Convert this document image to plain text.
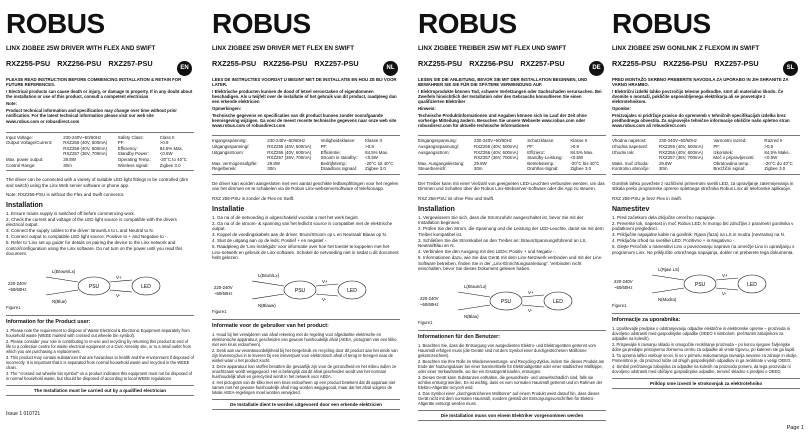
ROBUS
LINX ZIGBEE 25W DRIVER WITH FLEX AND SWIFT
RXZ255-PSU RXZ256-PSU RXZ257-PSU	EN

PLEASE READ INSTRUCTION BEFORE COMMENCING INSTALLATION & RETAIN FOR FUTURE REFERENCES.

! Electrical products can cause death or injury, or damage to property. If in any doubt about the installation or use of this product, consult a competent electrician

Note:

Product technical information and specification may change over time without prior notification. For the latest technical information please visit our web site

www.robus.com or robusdirect.com

Input Voltage:	230-240V~50/60Hz	Safety Class:	Class II
Output Voltage/Current:	RXZ255 (40V, 500mA)	PF:	>0.9
	RXZ256 (40V, 600mA)	Efficiency:	84.5% Max.
	RXZ257 (36V, 700mA)	Standby Power:	<0.5W
Max. power output:	29.8W	Operating Temp.:	-20°C to 40°C
Control Range:	30m	Wireless signal:	Zigbee 3.0

The driver can be connected with a variety of suitable LED light fittings to be controlled (dim and switch) using the Linx Web server software or phone app.

Note: RXZ256-PSU is without the Flex and Swift connector.

Installation
1. Ensure mains supply is switched off before commencing work.
2. Check the current and voltage of the LED light source is compatible with the drivers electrical output.
3. Connect the supply cables to the driver: Brown/Ls to L and Neutral to N.
4. Connect output to compatible LED light source: Positive to + and Negative to -.
5. Refer to 'Linx set up guide' for details on pairing the device to the Linx network and control/configuration using the Linx software. Do not turn on the power until you read this document.
PSU	LED
V+
V-
L(Brown/Lx)
N(Blue)
220-240V
~50/60Hz
Figure1
Information for the Product user:
1. Please note the requirement to dispose of Waste Electrical & Electronic Equipment separately from household waste (WEEE marked with crossed out wheelie bin symbol).
2. Please consider your role in contributing to re-use and recycling by returning this product at end of life to a collection centre for waste electrical equipment or a Civic Amenity site, or to a retail outlet from which you are purchasing a replacement.
3. This product may contain substances that are hazardous to health and the environment if disposed of incorrectly. It is important that it is separated from normal household waste and recycled in the WEEE chain.
4. The "crossed out wheelie bin symbol" on a product indicates this equipment must not be disposed of in normal household waste, but should be disposed of according to local WEEE regulations
The Installation must be carried out by a qualified electrician
ROBUS
LINX ZIGBEE 25W DRIVER MET FLEX EN SWIFT
RXZ255-PSU RXZ256-PSU RXZ257-PSU	NL

LEES DE INSTRUCTIES VOORDAT U BEGINT MET DE INSTALLATIE EN HOU ZE BIJ VOOR LATER.

! Elektrische producten kunnen de dood of letsel veroorzaken of eigendommen beschadigen. Als u twijfelt over de installatie of het gebruik van dit product, raadpleeg dan een erkende elektricien

Opmerkingen:

Technische gegevens en specificaties van dit product kunnen zonder voorafgaande kennisgeving wijzigen. Ga voor de meest recente technische gegevens naar onze web site www.robus.com of robusdirect.com

Ingangsspanning:	230-240V~50/60Hz	Veiligheidsklasse:	Klasse II
Uitgangsspanning/:	RXZ255 (40V, 500mA)	PF:	>0.9
Uitgangsstroom:	RXZ256 (40V, 600mA)	Efficiëntie:	84.5% Max.
	RXZ257 (36V, 700mA)	Stroom in standby:	<0.5W
Max. vermogensafgifte:	29.8W	Bedrijfstemp.:	-20°C tot 40°C
Regelbereik:	30m	Draadloos signaal:	Zigbee 3.0

De driver kan worden aangesloten met een aantal geschikte ledlampfittingen voor het regelen van het dimmen en te schakelen via de Robus Linx-webserversoftware of telefoonapp.

RXZ 256-PSU is zonder de Flex en Swift.

Installatie
1. Ga na of de netvoeding is uitgeschakeld voordat u met het werk begint.
2. Ga na of de stroom- & spanning van het ledlicht source is compatibel met de elektrische output.
3. Koppel de voedingskabels aan de driver: Bruin/Stroom op L en Neutraal/ Blauw op N.
4. Sluit de uitgang aan op de leds: Positief + en negatief -.
5. Raadpleeg de 'Linx-instelgids' voor informatie over hoe het toestel te koppelen met het Linx-netwerk en gebruik de Linx-software. Schakel de netvoeding niet in totdat u dit document hebt gelezen.
PSU	LED
V+
V-
L(Bruin/Lx)
N(Blauw)
220-240V
~50/60Hz
Figure1
Informatie voor de gebruiker van het product:
1. Houd bij het verwijderen van afval rekening met de regeling voor afgedankte elektrische en elektronische apparatuur, gescheiden van gewoon huishoudelijk afval (AEEA, pictogram van een kliko met een kruis erdoorheen).
2. Denk aan uw verantwoordelijkheid bij het hergebruik en recycling door dit product aan het einde van zijn levenscyclus in te leveren bij een inleverpunt voor elektronisch afval of terug te brengen naar de winkel waar u het product kocht.
3. Deze apparatuur kan stoffen bevatten die gevaarlijk zijn voor de gezondheid en het milieu indien ze onachtzaam wordt weggegooid. Het is belangrijk dat dit afval gescheiden wordt van het normaal huishoudelijk afval en gerecycled wordt in het netwerk voor AEEA.
4. Het pictogram van de kliko met een kruis erdoorheen op een product betekent dat dit apparaat niet samen met het gewone huishoudelijk afval mag worden weggegooid, maar dat het afval volgens de lokale AEEA-regelingen moet worden verwijderd.
De Installatie dient te worden uitgevoerd door een erkende elektricien
ROBUS
LINX ZIGBEE TREIBER 25W MIT FLEX UND SWIFT
RXZ255-PSU RXZ256-PSU RXZ257-PSU	DE

LESEN SIE DIE ANLEITUNG, BEVOR SIE MIT DER INSTALLATION BEGINNEN, UND BEWAHREN SIE SIE FÜR DIE SPÄTERE VERWENDUNG AUF.

! Elektroprodukte können Tod, schwere Verletzungen oder Sachschaden verursachen. Bei Zweifeln hinsichtlich der Installation oder des Gebrauchs konsultieren Sie einen qualifizierten Elektriker

Hinweis:

Technische Produktinformationen und Angaben können sich im Lauf der Zeit ohne vorherige Mitteilung ändern. Besuchen Sie unsere Webseite www.robus.com oder robusdirect.com für aktuelle technische Informationen

Eingangsspannung:	230-240V~50/60Hz	Schutzklasse:	Klasse II
Ausgangsspannung/:	RXZ255 (40V, 500mA)	PF:	>0.9
Ausgangsstrom:	RXZ256 (40V, 600mA)	Effizienz:	84.5% Max.
	RXZ257 (36V, 700mA)	Standby-Leistung:	<0.5W
Max. Ausgangsleistung:	29.8W	Betriebstemp.:	-20°C bis 40°C
Steuerbereich:	30m	Drahtlos-Signal:	Zigbee 3.0

Der Treiber kann mit einer Vielzahl von geeigneten LED-Leuchten verbunden werden, um das Dimmen und Schalten über die Robus Linx-Webserver-Software oder die App zu steuern.

RXZ 256-PSU ist ohne Flex und Swift.

Installation
1. Vergewissern Sie sich, dass die Stromzufuhr ausgeschaltet ist, bevor Sie mit der Installation beginnen.
2. Prüfen Sie den Strom, die Spannung und die Leistung der LED-Leuchte, damit sie mit dem Treiber kompatibel ist.
3. Schließen Sie die Stromkabel an den Treiber an: Braun/Spannungsführend an LS, Neutral/Blau an N.
4. Verbinden Sie den Ausgang mit den LEDs: Positiv + und Negativ -.
5. Informationen dazu, wie Sie das Gerät mit dem Linx-Netzwerk verbinden und mit der Linx-Software betreiben, finden Sie in der „Linx-Einrichtungsanleitung". Verbinden nicht einschalten, bevor Sie dieses Dokument gelesen haben.
PSU	LED
V+
V-
L(Braun/Lx)
N(Blau)
220-240V
~50/60Hz
Figure1
Informationen für den Benutzer:
1. Beachten Sie, dass die Entsorgung von ausgedienten Elektro- und Elektrogeräten getrennt vom Hausmüll erfolgen muss (die Geräte sind mit dem Symbol einer durchgestrichenen Mülltonne gekennzeichnet).
2. Beachten Sie Ihre Rolle im Wiederverwertungs- und Recycling-Zyklus, indem Sie dieses Produkt am Ende der Nutzungsdauer bei einer Sammelstelle für Elektroaltgeräte oder einer städtischen Müllkippe, oder einer Verkaufsstelle, wo Sie ein Ersatzgerät kaufen, entsorgen.
3. Dieses Gerät kann Substanzen enthalten, die gesundheits- und umweltschädlich sind, falls sie achtlos entsorgt werden. Es ist wichtig, dass es vom normalen Hausmüll getrennt und im Rahmen der Elektro-Altgeräte recycelt wird.
4. Das Symbol einer „durchgestrichenen Mülltonne" auf einem Produkt weist darauf hin, dass dieses Gerät nicht mit dem normalen Hausmüll, sondern gemäß der Entsorgungsvorschriften für Elektro-Altgeräte entsorgt werden muss.
Die Installation muss von einem Elektriker vorgenommen werden
ROBUS
LINX ZIGBEE 25W GONILNIK Z FLEXOM IN SWIFT
RXZ255-PSU RXZ256-PSU RXZ257-PSU	SL

PRED MONTAŽO SKRBNO PREBERITE NAVODILA ZA UPORABO IN JIH SHRANITE ZA VARNO HRAMBO.

! Električni izdelki lahko povzročijo telesne poškodbe, smrt ali materialno škodo. Če dvomite o montaži, pokličite usposobljenega elektrikarja ali se posvetujte z elektrotehnikom.

Opombe:

Proizvajalec si pridržuje pravico do sprememb v tehničnih specifikacijah izdelka brez predhodnega obvestila. Za najnovejše tehnične informacije obiščite našo spletno stran www.robus.com ali robusdirect.com

Vhodna napetost:	230-240V~50/60Hz	Varnostni razred:	Razred II
Izhodna napetost/:	RXZ255 (40V, 500mA)	PF:	>0.9
Izhodni tok:	RXZ256 (40V, 600mA)	Izkoristek:	84.5% Maks.
	RXZ257 (36V, 700mA)	Moč v pripravljenosti:	<0.5W
Maks. moč izhoda:	29.8W	Obratovalna temp.:	-20°C do 40°C
Kontrolno območje:	30m	Brezžični signal:	Zigbee 3.0

Gonilnik lahko povežete z različnimi primernimi svetili LED, za upravljanje zatemnjevanja in stikala preko programske opreme spletnega strežnika Robus Linx ali telefonske aplikacije.

RXZ 256-PSU je brez Flex in Swift.

Namestitev
1. Pred začetkom dela izključite omrežno napajanje.
2. Preverite tok, napetost in moč Robus LED, ki morajo biti združljivi z parametri gonilnika v podatkovni preglednici.
3. Priključite napajalne kable na gonilnik: Rjava (faza) na LS in modra (nevtralna) na N.
4. Priključite izhod na svetilke LED: Pozitivno + in Negativno -.
5. Glejte Priročnik o namestitvi Linx o povezovanju naprave na omrežje Linx in upravljanju s programom Linx. Ne priključite omrežnega napajanja, dokler ne preberete tega dokumenta.
PSU	LED
V+
V-
L(Rjavi LS)
N(Modra)
220-240V
~50/60Hz
Figure1
Informacije za uporabnika:
1. Upoštevajte predpise o odstranjevanju odpadne električne in elektronske opreme – proizvoda ni dovoljeno odstraniti med gospodinjske odpadke (OEEO s simbolom: prečrtanim zabojnikom za odpadke na kolesih).
2. Prispevajte k ravnanju skladu in omogočite recikliranje proizvoda – po koncu njegove življenjske dobe ga predajte pristojnemu zbirnemu centru za odpadke ali vrnite trgovcu, pri katerem ste ga kupili.
3. Ta oprema lahko vsebuje snovi, ki so v primeru malomarnega ravnanja nevarne za zdravje in okolje. Pomembno je, da proizvod ločite od drugih gospodinjskih odpadkov in ga reciklirate v verigi OEEO.
4. Simbol prečrtanega zabojnika za odpadke na kolesih na proizvodu pomeni, da tega proizvoda ni dovoljeno odstraniti med običajne gospodinjske odpadke, temveč skladno s predpisi o OEEO.
Priklop sme izvesti le strokovnjak za elektrotehniko
Issue 1 010721
Page 1
